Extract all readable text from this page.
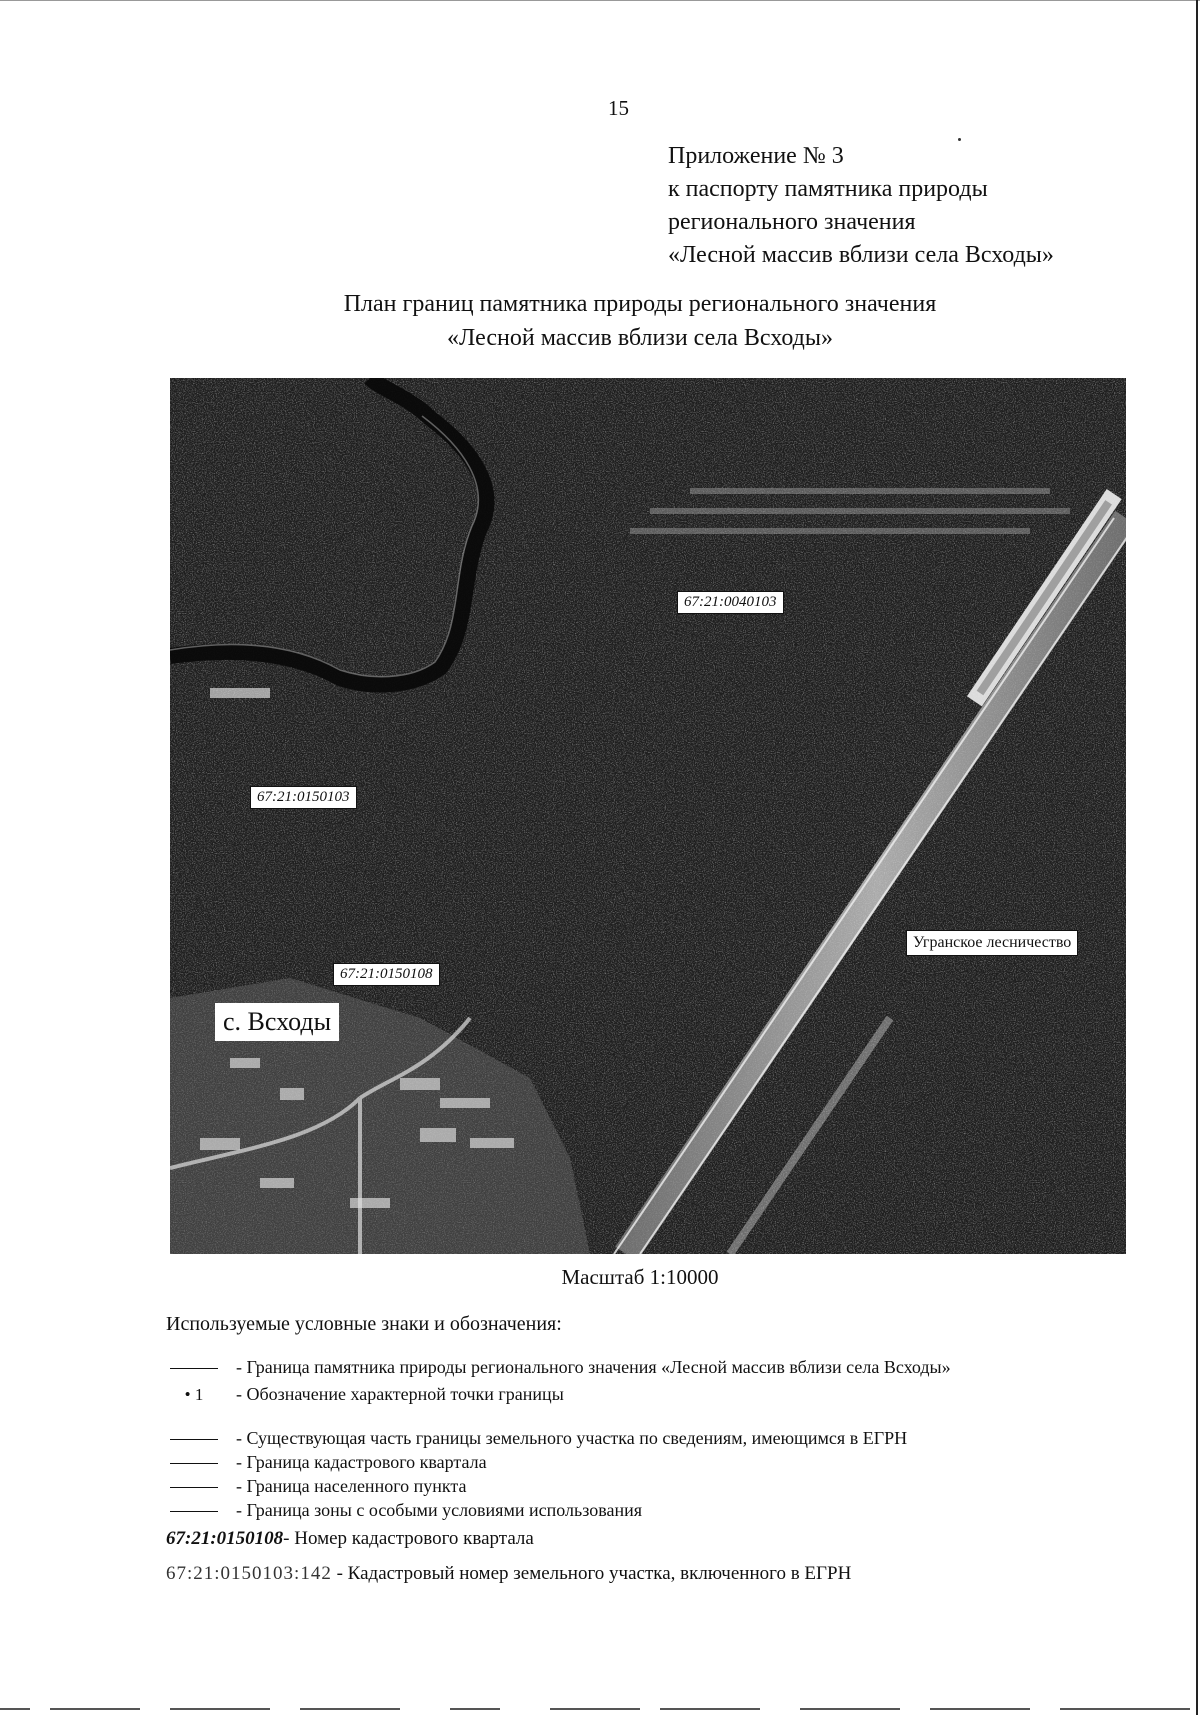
15
Приложение № 3
к паспорту памятника природы
регионального значения
«Лесной массив вблизи села Всходы»
План границ памятника природы регионального значения
«Лесной массив вблизи села Всходы»
67:21:0040103
67:21:0150103
67:21:0150108
с. Всходы
Угранское лесничество
Масштаб 1:10000
Используемые условные знаки и обозначения:
- Граница памятника природы регионального значения «Лесной массив вблизи села Всходы»
• 1 - Обозначение характерной точки границы
- Существующая часть границы земельного участка по сведениям, имеющимся в ЕГРН
- Граница кадастрового квартала
- Граница населенного пункта
- Граница зоны с особыми условиями использования
67:21:0150108- Номер кадастрового квартала
67:21:0150103:142 - Кадастровый номер земельного участка, включенного в ЕГРН
